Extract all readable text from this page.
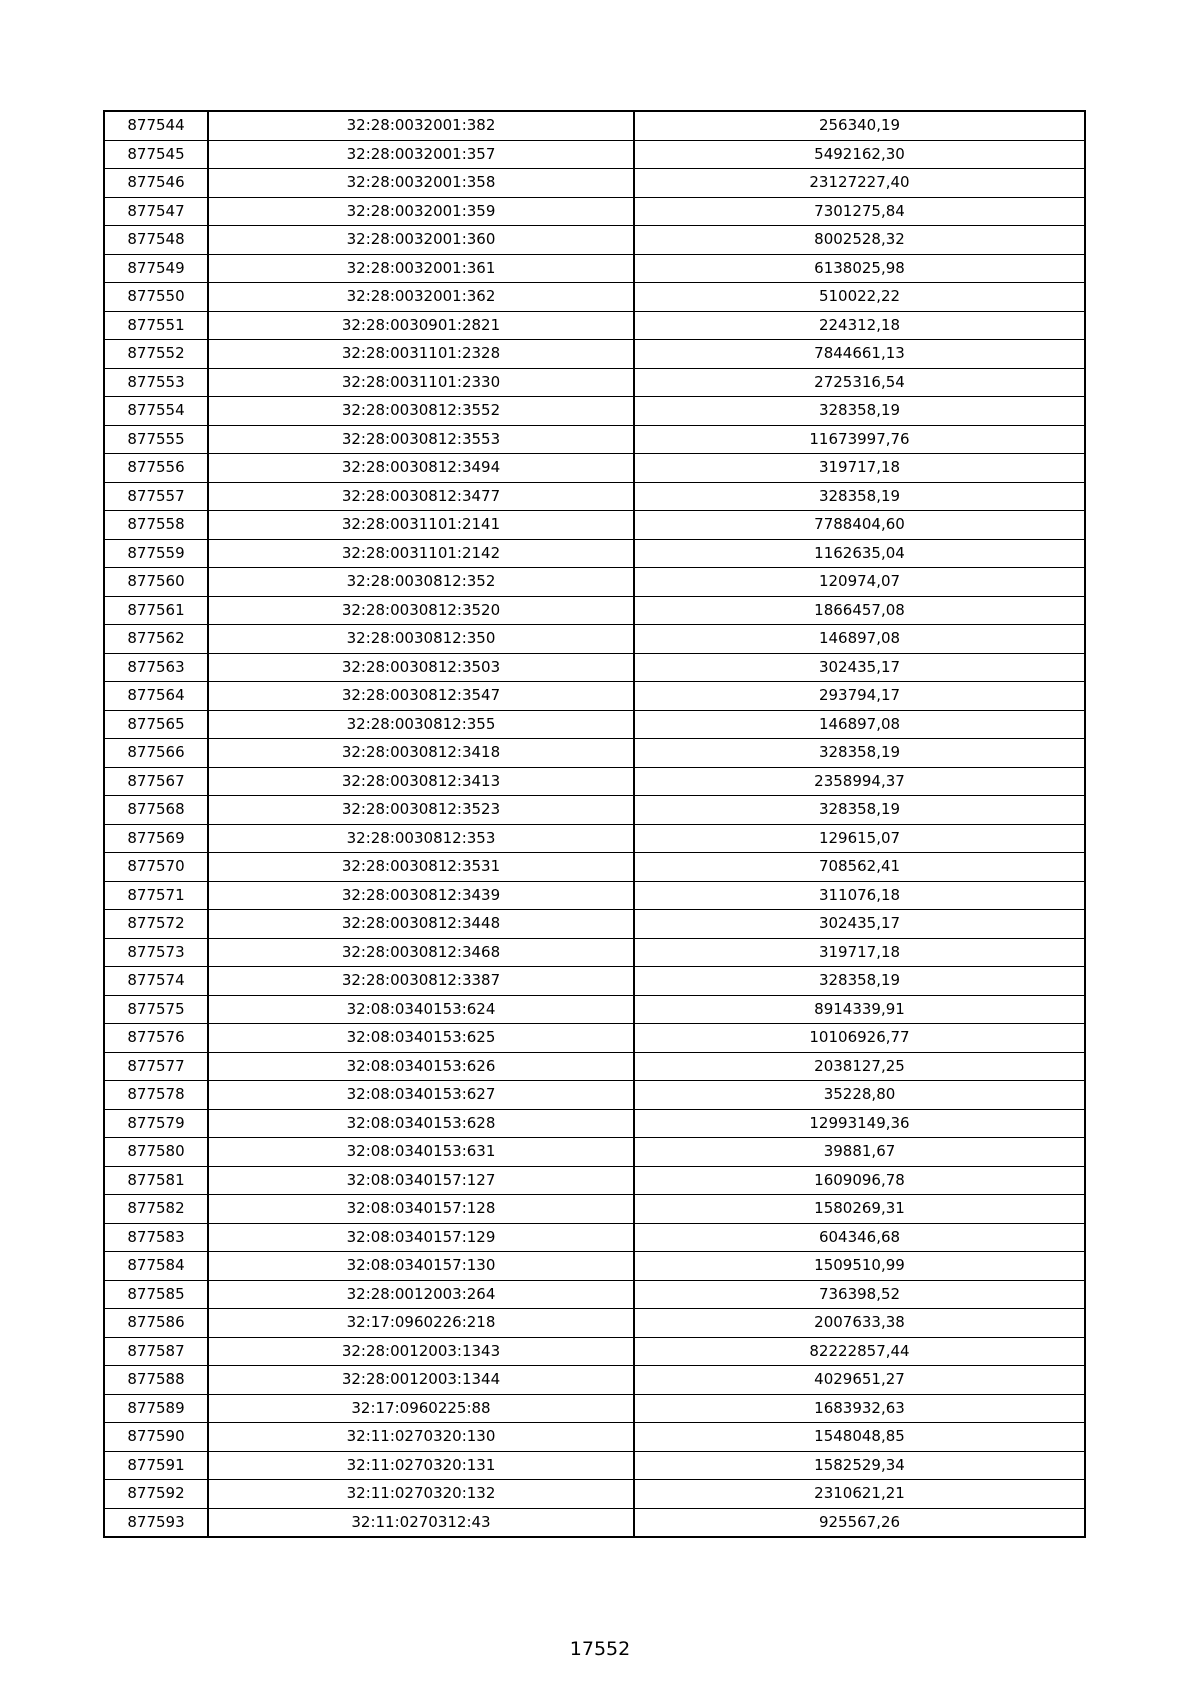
877544	32:28:0032001:382	256340,19
877545	32:28:0032001:357	5492162,30
877546	32:28:0032001:358	23127227,40
877547	32:28:0032001:359	7301275,84
877548	32:28:0032001:360	8002528,32
877549	32:28:0032001:361	6138025,98
877550	32:28:0032001:362	510022,22
877551	32:28:0030901:2821	224312,18
877552	32:28:0031101:2328	7844661,13
877553	32:28:0031101:2330	2725316,54
877554	32:28:0030812:3552	328358,19
877555	32:28:0030812:3553	11673997,76
877556	32:28:0030812:3494	319717,18
877557	32:28:0030812:3477	328358,19
877558	32:28:0031101:2141	7788404,60
877559	32:28:0031101:2142	1162635,04
877560	32:28:0030812:352	120974,07
877561	32:28:0030812:3520	1866457,08
877562	32:28:0030812:350	146897,08
877563	32:28:0030812:3503	302435,17
877564	32:28:0030812:3547	293794,17
877565	32:28:0030812:355	146897,08
877566	32:28:0030812:3418	328358,19
877567	32:28:0030812:3413	2358994,37
877568	32:28:0030812:3523	328358,19
877569	32:28:0030812:353	129615,07
877570	32:28:0030812:3531	708562,41
877571	32:28:0030812:3439	311076,18
877572	32:28:0030812:3448	302435,17
877573	32:28:0030812:3468	319717,18
877574	32:28:0030812:3387	328358,19
877575	32:08:0340153:624	8914339,91
877576	32:08:0340153:625	10106926,77
877577	32:08:0340153:626	2038127,25
877578	32:08:0340153:627	35228,80
877579	32:08:0340153:628	12993149,36
877580	32:08:0340153:631	39881,67
877581	32:08:0340157:127	1609096,78
877582	32:08:0340157:128	1580269,31
877583	32:08:0340157:129	604346,68
877584	32:08:0340157:130	1509510,99
877585	32:28:0012003:264	736398,52
877586	32:17:0960226:218	2007633,38
877587	32:28:0012003:1343	82222857,44
877588	32:28:0012003:1344	4029651,27
877589	32:17:0960225:88	1683932,63
877590	32:11:0270320:130	1548048,85
877591	32:11:0270320:131	1582529,34
877592	32:11:0270320:132	2310621,21
877593	32:11:0270312:43	925567,26
17552
